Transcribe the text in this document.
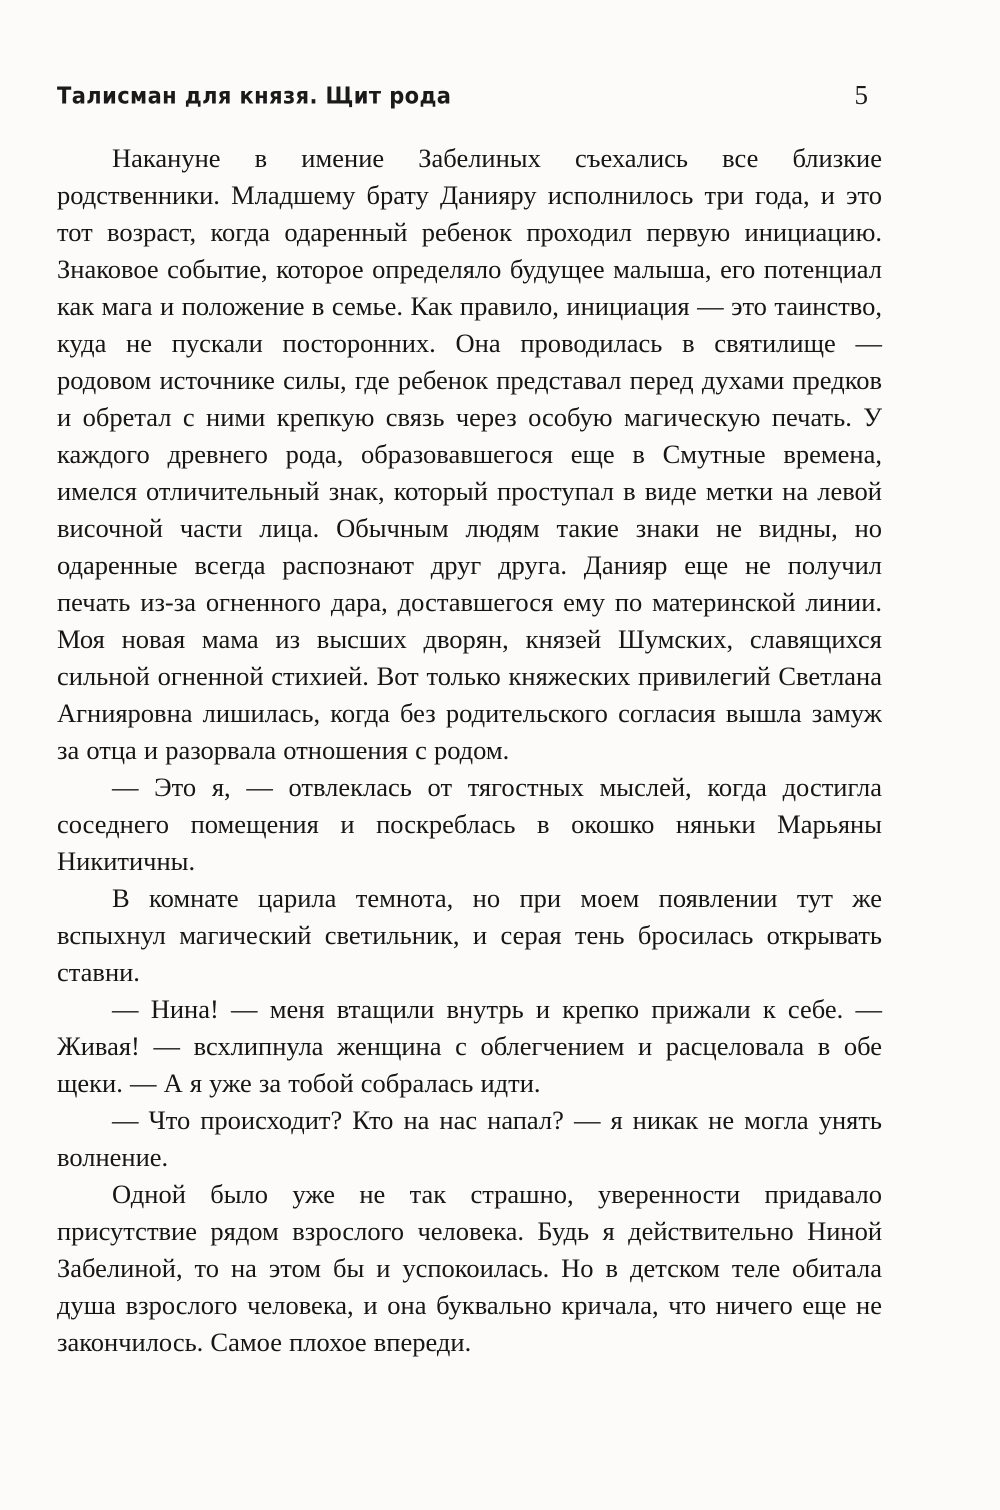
Талисман для князя. Щит рода	5

Накануне в имение Забелиных съехались все близкие родственники. Младшему брату Данияру исполнилось три года, и это тот возраст, когда одаренный ребенок проходил первую инициацию. Знаковое событие, которое определяло будущее малыша, его потенциал как мага и положение в семье. Как правило, инициация — это таинство, куда не пускали посторонних. Она проводилась в святилище — родовом источнике силы, где ребенок представал перед духами предков и обретал с ними крепкую связь через особую магическую печать. У каждого древнего рода, образовавшегося еще в Смутные времена, имелся отличительный знак, который проступал в виде метки на левой височной части лица. Обычным людям такие знаки не видны, но одаренные всегда распознают друг друга. Данияр еще не получил печать из-за огненного дара, доставшегося ему по материнской линии. Моя новая мама из высших дворян, князей Шумских, славящихся сильной огненной стихией. Вот только княжеских привилегий Светлана Агнияровна лишилась, когда без родительского согласия вышла замуж за отца и разорвала отношения с родом.

— Это я, — отвлеклась от тягостных мыслей, когда достигла соседнего помещения и поскреблась в окошко няньки Марьяны Никитичны.

В комнате царила темнота, но при моем появлении тут же вспыхнул магический светильник, и серая тень бросилась открывать ставни.

— Нина! — меня втащили внутрь и крепко прижали к себе. — Живая! — всхлипнула женщина с облегчением и расцеловала в обе щеки. — А я уже за тобой собралась идти.

— Что происходит? Кто на нас напал? — я никак не могла унять волнение.

Одной было уже не так страшно, уверенности придавало присутствие рядом взрослого человека. Будь я действительно Ниной Забелиной, то на этом бы и успокоилась. Но в детском теле обитала душа взрослого человека, и она буквально кричала, что ничего еще не закончилось. Самое плохое впереди.
